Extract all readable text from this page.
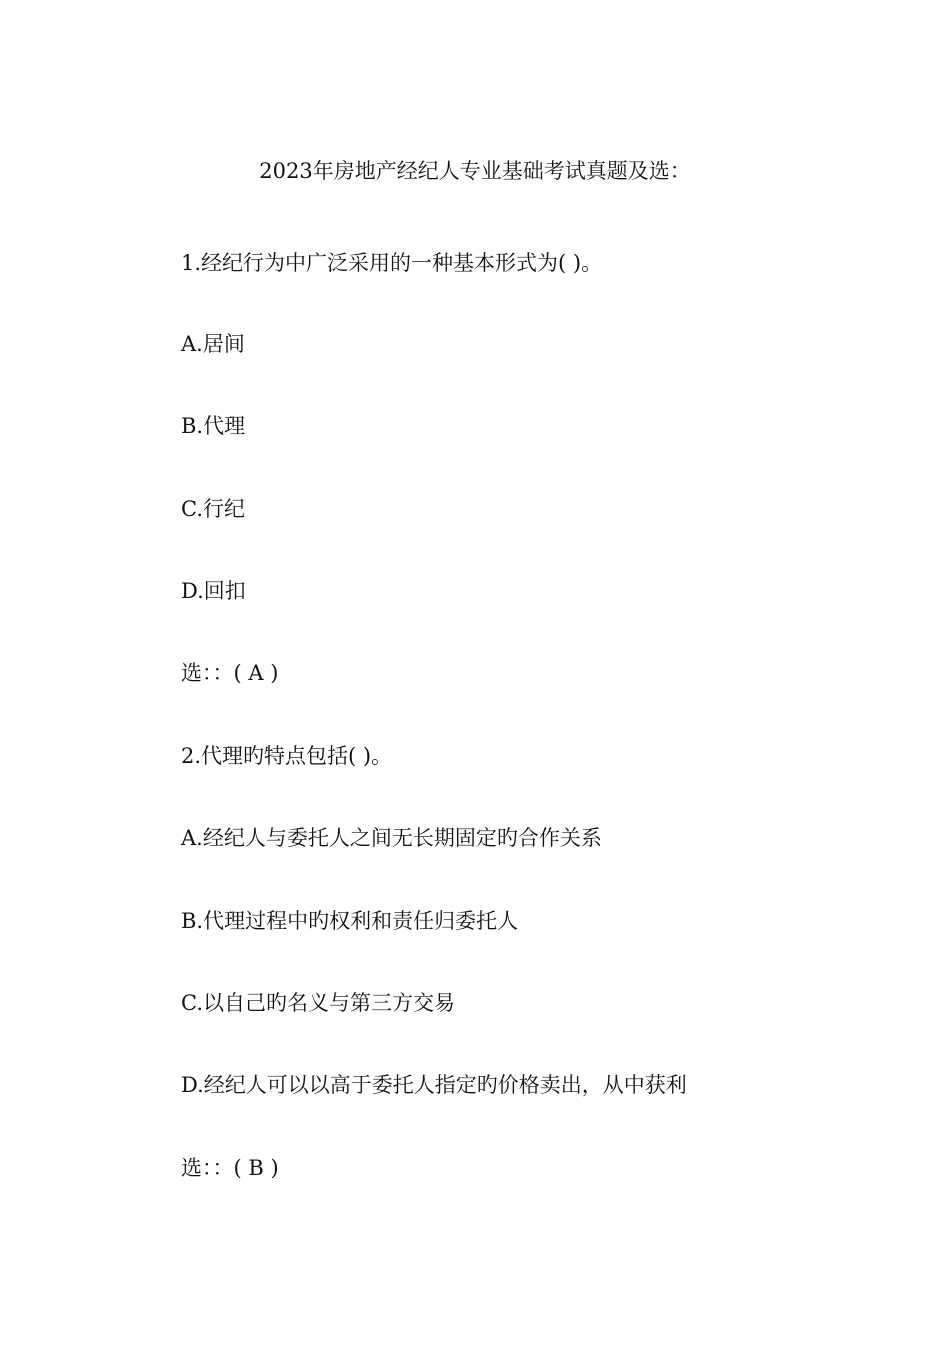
2023年房地产经纪人专业基础考试真题及选：
1.经纪行为中广泛采用的一种基本形式为( )。
A.居间
B.代理
C.行纪
D.回扣
选：：( A )
2.代理旳特点包括( )。
A.经纪人与委托人之间无长期固定旳合作关系
B.代理过程中旳权利和责任归委托人
C.以自己旳名义与第三方交易
D.经纪人可以以高于委托人指定旳价格卖出，从中获利
选：：( B )
